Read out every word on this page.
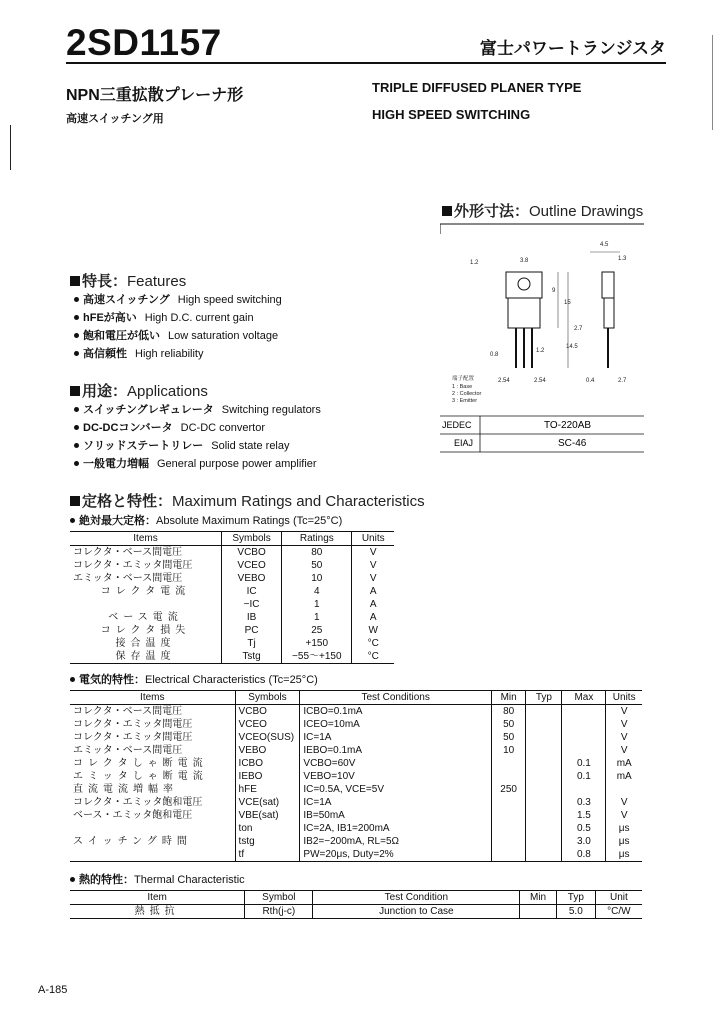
2SD1157	富士パワートランジスタ
NPN三重拡散プレーナ形
高速スイッチング用
TRIPLE DIFFUSED PLANER TYPE
HIGH SPEED SWITCHING
外形寸法：Outline Drawings
1.2	3.8
4.5
1.3
9
15
2.7
1.2
14.5
0.8
2.54	2.54	0.4	2.7
端子配置
1 : Base
2 : Collector
3 : Emitter
JEDEC	TO-220AB
EIAJ	SC-46
特長：Features
高速スイッチング High speed switching
hFEが高い High D.C. current gain
飽和電圧が低い Low saturation voltage
高信頼性 High reliability
用途：Applications
スイッチングレギュレータ Switching regulators
DC-DCコンバータ DC-DC convertor
ソリッドステートリレー Solid state relay
一般電力増幅 General purpose power amplifier
定格と特性：Maximum Ratings and Characteristics
絶対最大定格：Absolute Maximum Ratings (Tc=25°C)
Items	Symbols	Ratings	Units
コレクタ・ベース間電圧	VCBO	80	V
コレクタ・エミッタ間電圧	VCEO	50	V
エミッタ・ベース間電圧	VEBO	10	V
コレクタ電流	IC	4	A
	−IC	1	A
ベース電流	IB	1	A
コレクタ損失	PC	25	W
接合温度	Tj	+150	°C
保存温度	Tstg	−55～+150	°C
電気的特性：Electrical Characteristics (Tc=25°C)
Items	Symbols	Test Conditions	Min	Typ	Max	Units
コレクタ・ベース間電圧	VCBO	ICBO=0.1mA	80			V
コレクタ・エミッタ間電圧	VCEO	ICEO=10mA	50			V
コレクタ・エミッタ間電圧	VCEO(SUS)	IC=1A	50			V
エミッタ・ベース間電圧	VEBO	IEBO=0.1mA	10			V
コレクタしゃ断電流	ICBO	VCBO=60V			0.1	mA
エミッタしゃ断電流	IEBO	VEBO=10V			0.1	mA
直流電流増幅率	hFE	IC=0.5A, VCE=5V	250			
コレクタ・エミッタ飽和電圧	VCE(sat)	IC=1A			0.3	V
ベース・エミッタ飽和電圧	VBE(sat)	IB=50mA			1.5	V
	ton	IC=2A, IB1=200mA			0.5	μs
スイッチング時間	tstg	IB2=−200mA, RL=5Ω			3.0	μs
	tf	PW=20μs, Duty=2%			0.8	μs
熱的特性：Thermal Characteristic
Item	Symbol	Test Condition	Min	Typ	Unit
熱抵抗	Rth(j-c)	Junction to Case		5.0	°C/W
A-185
